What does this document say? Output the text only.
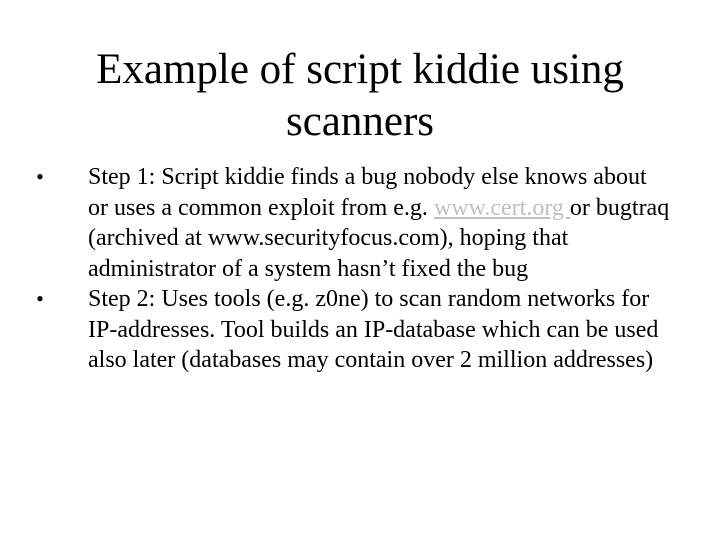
Example of script kiddie using scanners
• Step 1: Script kiddie finds a bug nobody else knows about or uses a common exploit from e.g. www.cert.org or bugtraq (archived at www.securityfocus.com), hoping that administrator of a system hasn’t fixed the bug
• Step 2: Uses tools (e.g. z0ne) to scan random networks for IP-addresses. Tool builds an IP-database which can be used also later (databases may contain over 2 million addresses)
